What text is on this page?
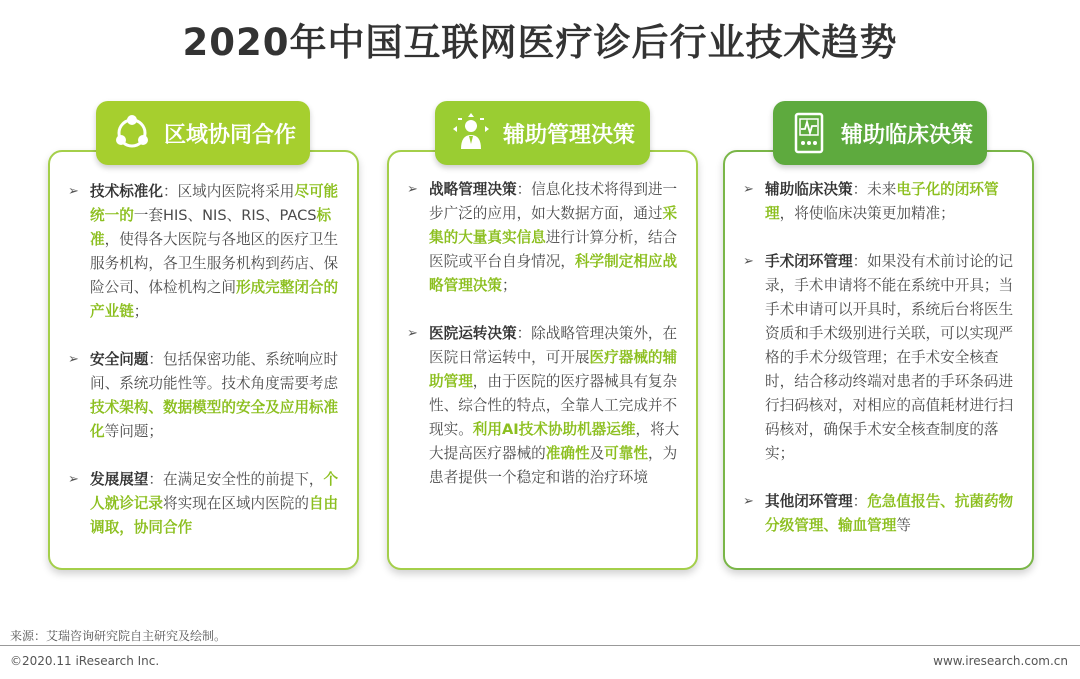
2020年中国互联网医疗诊后行业技术趋势
➢ 技术标准化：区域内医院将采用尽可能统一的一套HIS、NIS、RIS、PACS标准，使得各大医院与各地区的医疗卫生服务机构，各卫生服务机构到药店、保险公司、体检机构之间形成完整闭合的产业链；
➢ 安全问题：包括保密功能、系统响应时间、系统功能性等。技术角度需要考虑技术架构、数据模型的安全及应用标准化等问题；
➢ 发展展望：在满足安全性的前提下，个人就诊记录将实现在区域内医院的自由调取，协同合作
➢ 战略管理决策：信息化技术将得到进一步广泛的应用，如大数据方面，通过采集的大量真实信息进行计算分析，结合医院或平台自身情况，科学制定相应战略管理决策；
➢ 医院运转决策：除战略管理决策外，在医院日常运转中，可开展医疗器械的辅助管理，由于医院的医疗器械具有复杂性、综合性的特点，全靠人工完成并不现实。利用AI技术协助机器运维，将大大提高医疗器械的准确性及可靠性，为患者提供一个稳定和谐的治疗环境
➢ 辅助临床决策：未来电子化的闭环管理，将使临床决策更加精准；
➢ 手术闭环管理：如果没有术前讨论的记录，手术申请将不能在系统中开具；当手术申请可以开具时，系统后台将医生资质和手术级别进行关联，可以实现严格的手术分级管理；在手术安全核查时，结合移动终端对患者的手环条码进行扫码核对，对相应的高值耗材进行扫码核对，确保手术安全核查制度的落实；
➢ 其他闭环管理：危急值报告、抗菌药物分级管理、输血管理等
区域协同合作	辅助管理决策	辅助临床决策
来源：艾瑞咨询研究院自主研究及绘制。
©2020.11 iResearch Inc.	www.iresearch.com.cn
